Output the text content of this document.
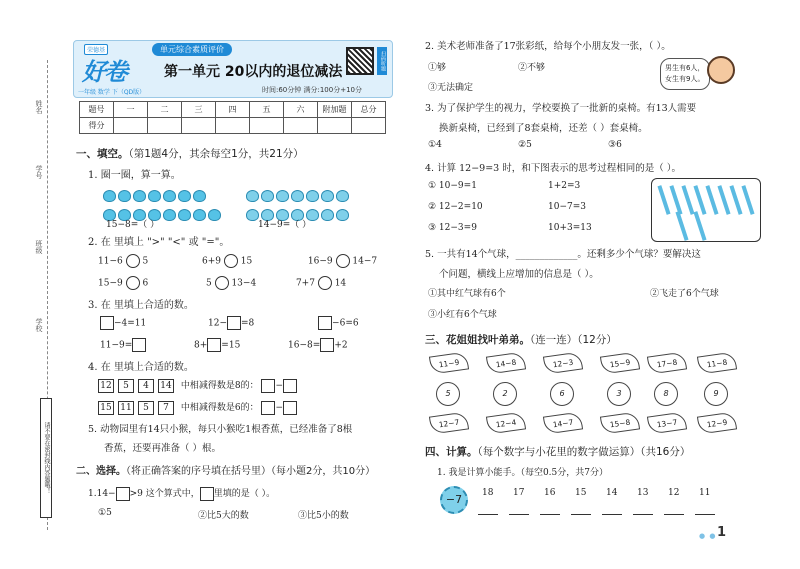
姓名
学号
班级
学校
请不要在密封线内答题哦！
荣德基
好卷
一年级 数学 下（QD版）
单元综合素质评价
第一单元 20以内的退位减法
时间:60分钟 满分:100分+10分
扫码听题
题号	一	二	三	四	五	六	附加题	总分
得分								
一、填空。（第1题4分，其余每空1分，共21分）
1. 圈一圈，算一算。

15−8=（ ）	14−9=（ ）
2. 在 里填上 ">" "<" 或 "="。
11−6 5	6+9 15	16−9 14−7
15−9 6	5 13−4	7+7 14
3. 在 里填上合适的数。
−4=11	12− =8	−6=6
11−9=	8+ =15	16−8= +2
4. 在 里填上合适的数。
12 5 4 14 中相减得数是8的： −
15 11 5 7 中相减得数是6的： −
5. 动物园里有14只小猴，每只小猴吃1根香蕉，已经准备了8根
香蕉，还要再准备（ ）根。
二、选择。（将正确答案的序号填在括号里）（每小题2分，共10分）
1.14− >9 这个算式中， 里填的是（ ）。
①5	②比5大的数	③比5小的数
2. 美术老师准备了17张彩纸，给每个小朋友发一张，（ ）。
①够	②不够
③无法确定
男生有6人，女生有9人。
3. 为了保护学生的视力，学校要换了一批新的桌椅。有13人需要
换新桌椅，已经到了8套桌椅，还差（ ）套桌椅。
①4	②5	③6
4. 计算 12−9=3 时，和下图表示的思考过程相同的是（ ）。
① 10−9=1	1+2=3
② 12−2=10	10−7=3
③ 12−3=9	10+3=13
5. 一共有14个气球，_____________。还剩多少个气球？要解决这
个问题，横线上应增加的信息是（ ）。
①其中红气球有6个	②飞走了6个气球
③小红有6个气球
三、花姐姐找叶弟弟。（连一连）（12分）
11−9	14−8	12−3	15−9	17−8	11−8
5	2	6	3	8	9
12−7	12−4	14−7	15−8	13−7	12−9
四、计算。（每个数字与小花里的数字做运算）（共16分）
1. 我是计算小能手。（每空0.5分，共7分）
−7	18 17 16 15 14 13 12 11
● ● 1
